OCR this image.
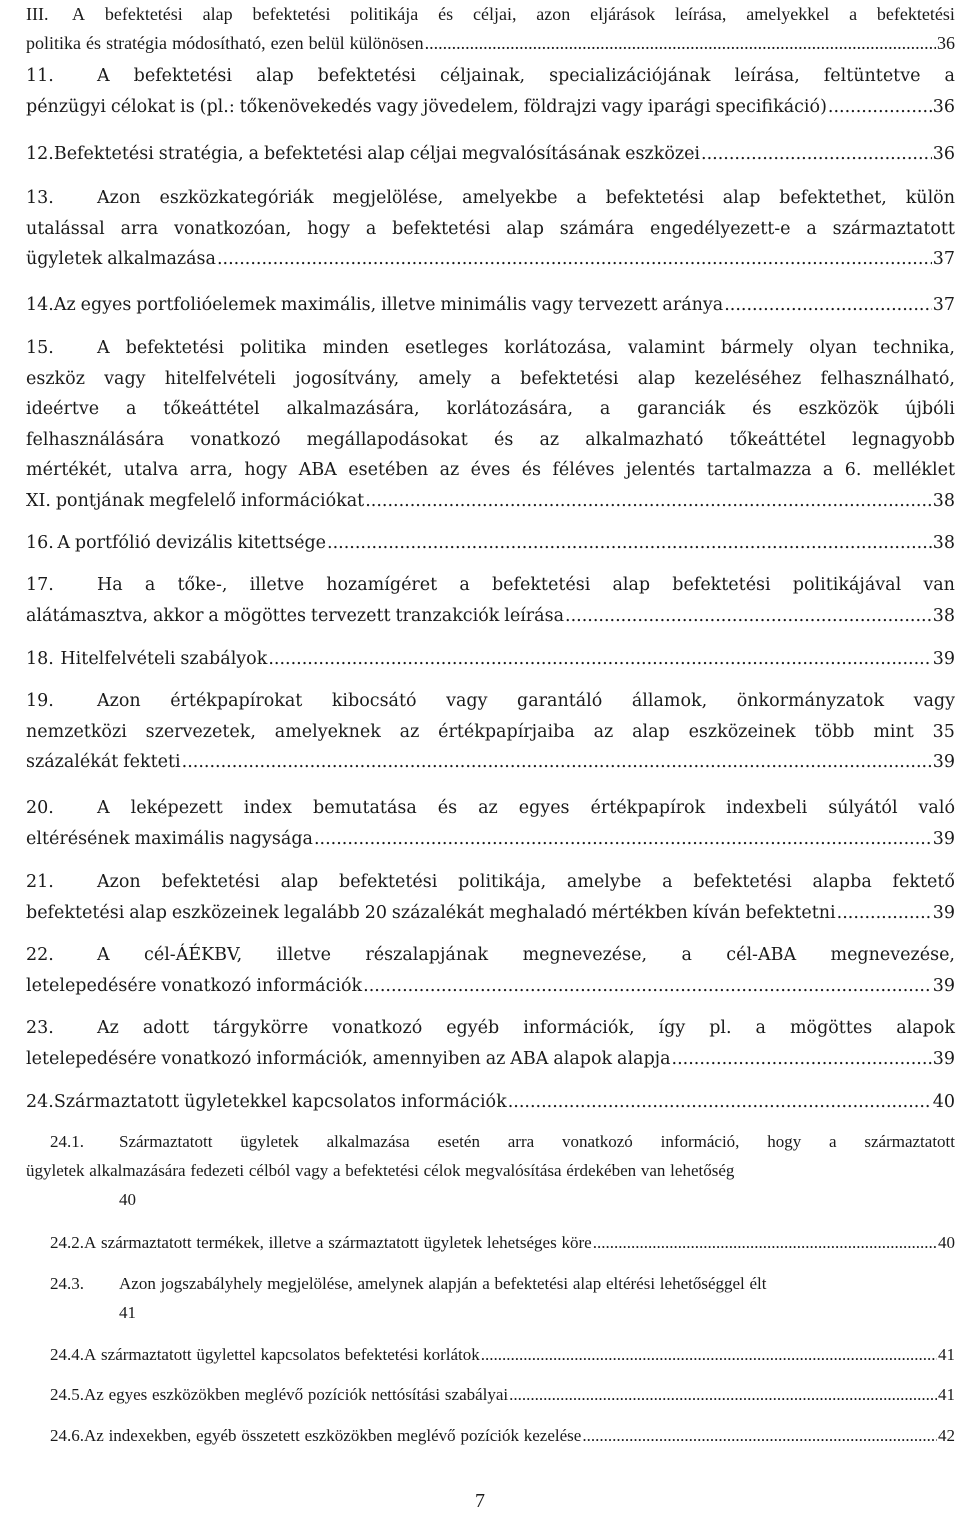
III.	A befektetési alap befektetési politikája és céljai, azon eljárások leírása, amelyekkel a befektetési
politika és stratégia módosítható, ezen belül különösen .....	36
11.	A befektetési alap befektetési céljainak, specializációjának leírása, feltüntetve a
pénzügyi célokat is (pl.: tőkenövekedés vagy jövedelem, földrajzi vagy iparági specifikáció) .....	36
12. Befektetési stratégia, a befektetési alap céljai megvalósításának eszközei .....	36
13.	Azon eszközkategóriák megjelölése, amelyekbe a befektetési alap befektethet, külön
utalással arra vonatkozóan, hogy a befektetési alap számára engedélyezett-e a származtatott
ügyletek alkalmazása .....	37
14. Az egyes portfolióelemek maximális, illetve minimális vagy tervezett aránya .....	37
15.	A befektetési politika minden esetleges korlátozása, valamint bármely olyan technika,
eszköz vagy hitelfelvételi jogosítvány, amely a befektetési alap kezeléséhez felhasználható,
ideértve a tőkeáttétel alkalmazására, korlátozására, a garanciák és eszközök újbóli
felhasználására vonatkozó megállapodásokat és az alkalmazható tőkeáttétel legnagyobb
mértékét, utalva arra, hogy ABA esetében az éves és féléves jelentés tartalmazza a 6. melléklet
XI. pontjának megfelelő információkat .....	38
16. A portfólió devizális kitettsége .....	38
17.	Ha a tőke-, illetve hozamígéret a befektetési alap befektetési politikájával van
alátámasztva, akkor a mögöttes tervezett tranzakciók leírása .....	38
18. Hitelfelvételi szabályok .....	39
19.	Azon értékpapírokat kibocsátó vagy garantáló államok, önkormányzatok vagy
nemzetközi szervezetek, amelyeknek az értékpapírjaiba az alap eszközeinek több mint 35
százalékát fekteti .....	39
20.	A leképezett index bemutatása és az egyes értékpapírok indexbeli súlyától való
eltérésének maximális nagysága .....	39
21.	Azon befektetési alap befektetési politikája, amelybe a befektetési alapba fektető
befektetési alap eszközeinek legalább 20 százalékát meghaladó mértékben kíván befektetni .....	39
22.	A cél-ÁÉKBV, illetve részalapjának megnevezése, a cél-ABA megnevezése,
letelepedésére vonatkozó információk .....	39
23.	Az adott tárgykörre vonatkozó egyéb információk, így pl. a mögöttes alapok
letelepedésére vonatkozó információk, amennyiben az ABA alapok alapja .....	39
24. Származtatott ügyletekkel kapcsolatos információk .....	40
24.1.	Származtatott ügyletek alkalmazása esetén arra vonatkozó információ, hogy a származtatott
ügyletek alkalmazására fedezeti célból vagy a befektetési célok megvalósítása érdekében van lehetőség
40
24.2. A származtatott termékek, illetve a származtatott ügyletek lehetséges köre .....	40
24.3.	Azon jogszabályhely megjelölése, amelynek alapján a befektetési alap eltérési lehetőséggel élt
41
24.4. A származtatott ügylettel kapcsolatos befektetési korlátok .....	41
24.5. Az egyes eszközökben meglévő pozíciók nettósítási szabályai .....	41
24.6. Az indexekben, egyéb összetett eszközökben meglévő pozíciók kezelése .....	42
7
